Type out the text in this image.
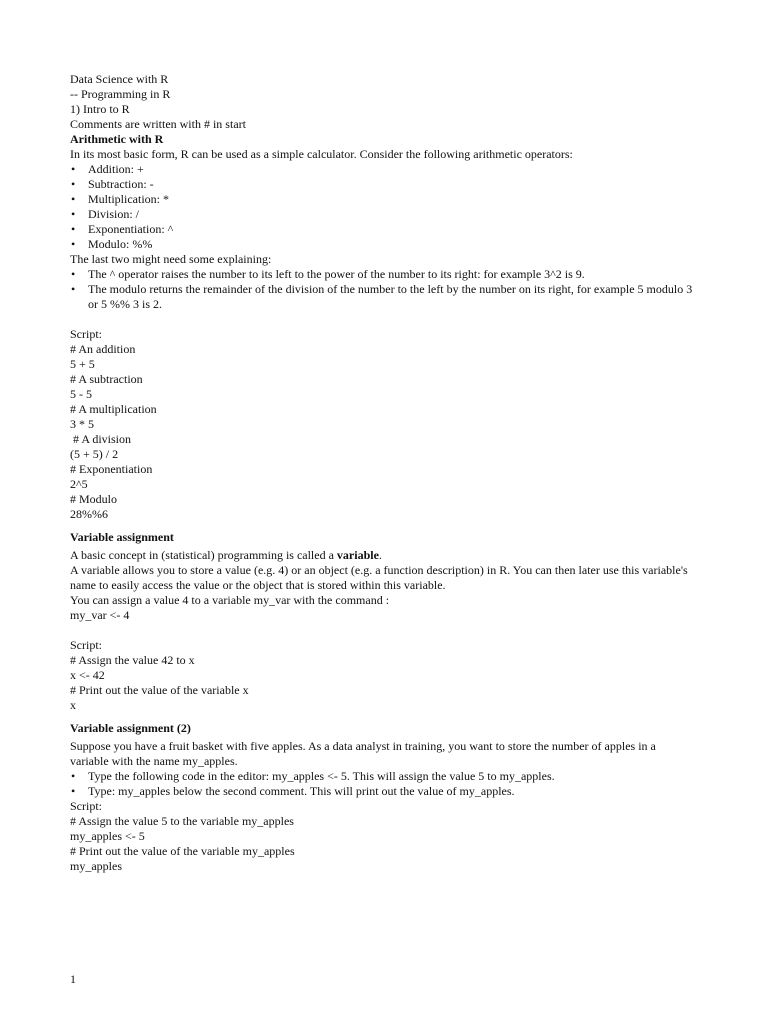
Data Science with R
-- Programming in R
1) Intro to R
Comments are written with # in start
Arithmetic with R
In its most basic form, R can be used as a simple calculator. Consider the following arithmetic operators:
• Addition: +
• Subtraction: -
• Multiplication: *
• Division: /
• Exponentiation: ^
• Modulo: %%
The last two might need some explaining:
• The ^ operator raises the number to its left to the power of the number to its right: for example 3^2 is 9.
• The modulo returns the remainder of the division of the number to the left by the number on its right, for example 5 modulo 3 or 5 %% 3 is 2.
Script:
# An addition
5 + 5
# A subtraction
5 - 5
# A multiplication
3 * 5
# A division
(5 + 5) / 2
# Exponentiation
2^5
# Modulo
28%%6
Variable assignment
A basic concept in (statistical) programming is called a variable.
A variable allows you to store a value (e.g. 4) or an object (e.g. a function description) in R. You can then later use this variable's name to easily access the value or the object that is stored within this variable.
You can assign a value 4 to a variable my_var with the command :
my_var <- 4
Script:
# Assign the value 42 to x
x <- 42
# Print out the value of the variable x
x
Variable assignment (2)
Suppose you have a fruit basket with five apples. As a data analyst in training, you want to store the number of apples in a variable with the name my_apples.
• Type the following code in the editor: my_apples <- 5. This will assign the value 5 to my_apples.
• Type: my_apples below the second comment. This will print out the value of my_apples.
Script:
# Assign the value 5 to the variable my_apples
my_apples <- 5
# Print out the value of the variable my_apples
my_apples
1
